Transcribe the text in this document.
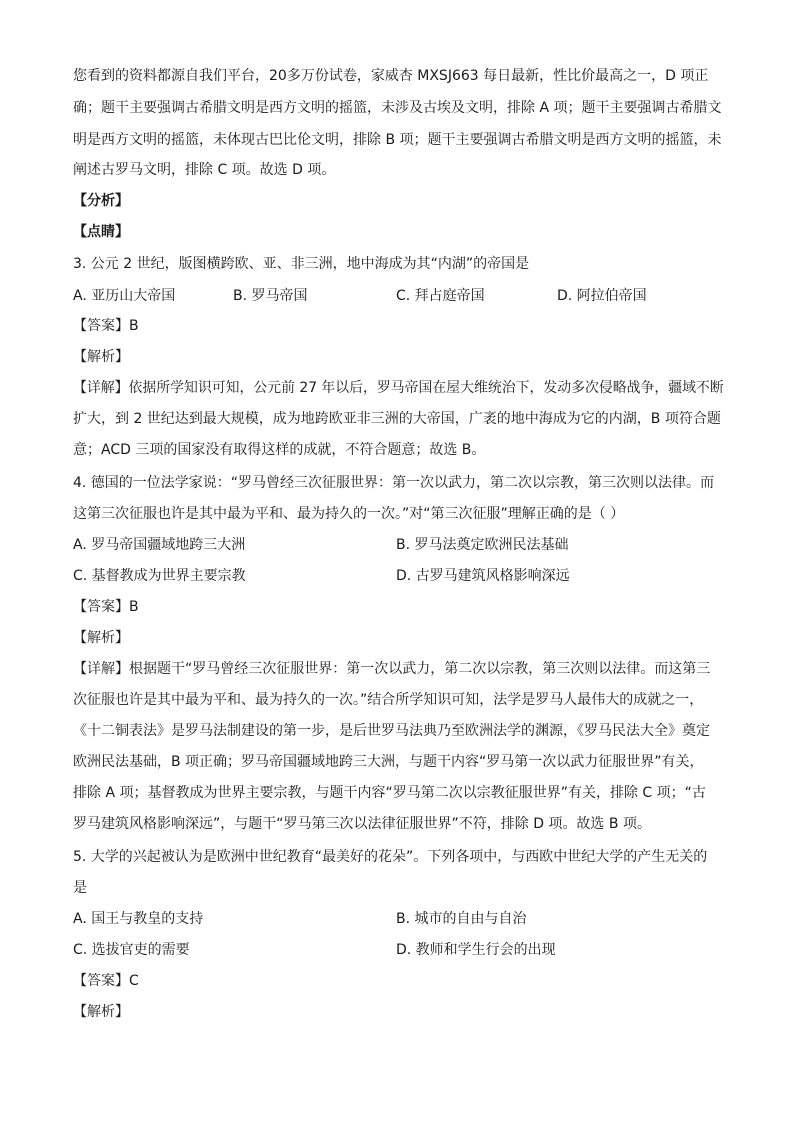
您看到的资料都源自我们平台，20多万份试卷，家威杏 MXSJ663 每日最新，性比价最高之一，D 项正
确；题干主要强调古希腊文明是西方文明的摇篮，未涉及古埃及文明，排除 A 项；题干主要强调古希腊文
明是西方文明的摇篮，未体现古巴比伦文明，排除 B 项；题干主要强调古希腊文明是西方文明的摇篮，未
阐述古罗马文明，排除 C 项。故选 D 项。
【分析】
【点睛】
3. 公元 2 世纪，版图横跨欧、亚、非三洲，地中海成为其“内湖”的帝国是
A. 亚历山大帝国	B. 罗马帝国	C. 拜占庭帝国	D. 阿拉伯帝国
【答案】B
【解析】
【详解】依据所学知识可知，公元前 27 年以后，罗马帝国在屋大维统治下，发动多次侵略战争，疆域不断
扩大，到 2 世纪达到最大规模，成为地跨欧亚非三洲的大帝国，广袤的地中海成为它的内湖，B 项符合题
意；ACD 三项的国家没有取得这样的成就，不符合题意；故选 B。
4. 德国的一位法学家说：“罗马曾经三次征服世界：第一次以武力，第二次以宗教，第三次则以法律。而
这第三次征服也许是其中最为平和、最为持久的一次。”对“第三次征服”理解正确的是（ ）
A. 罗马帝国疆域地跨三大洲	B. 罗马法奠定欧洲民法基础
C. 基督教成为世界主要宗教	D. 古罗马建筑风格影响深远
【答案】B
【解析】
【详解】根据题干“罗马曾经三次征服世界：第一次以武力，第二次以宗教，第三次则以法律。而这第三
次征服也许是其中最为平和、最为持久的一次。”结合所学知识可知，法学是罗马人最伟大的成就之一，
《十二铜表法》是罗马法制建设的第一步，是后世罗马法典乃至欧洲法学的渊源，《罗马民法大全》奠定
欧洲民法基础，B 项正确；罗马帝国疆域地跨三大洲，与题干内容“罗马第一次以武力征服世界”有关，
排除 A 项；基督教成为世界主要宗教，与题干内容“罗马第二次以宗教征服世界”有关，排除 C 项；“古
罗马建筑风格影响深远”，与题干“罗马第三次以法律征服世界”不符，排除 D 项。故选 B 项。
5. 大学的兴起被认为是欧洲中世纪教育“最美好的花朵”。下列各项中，与西欧中世纪大学的产生无关的
是
A. 国王与教皇的支持	B. 城市的自由与自治
C. 选拔官吏的需要	D. 教师和学生行会的出现
【答案】C
【解析】
